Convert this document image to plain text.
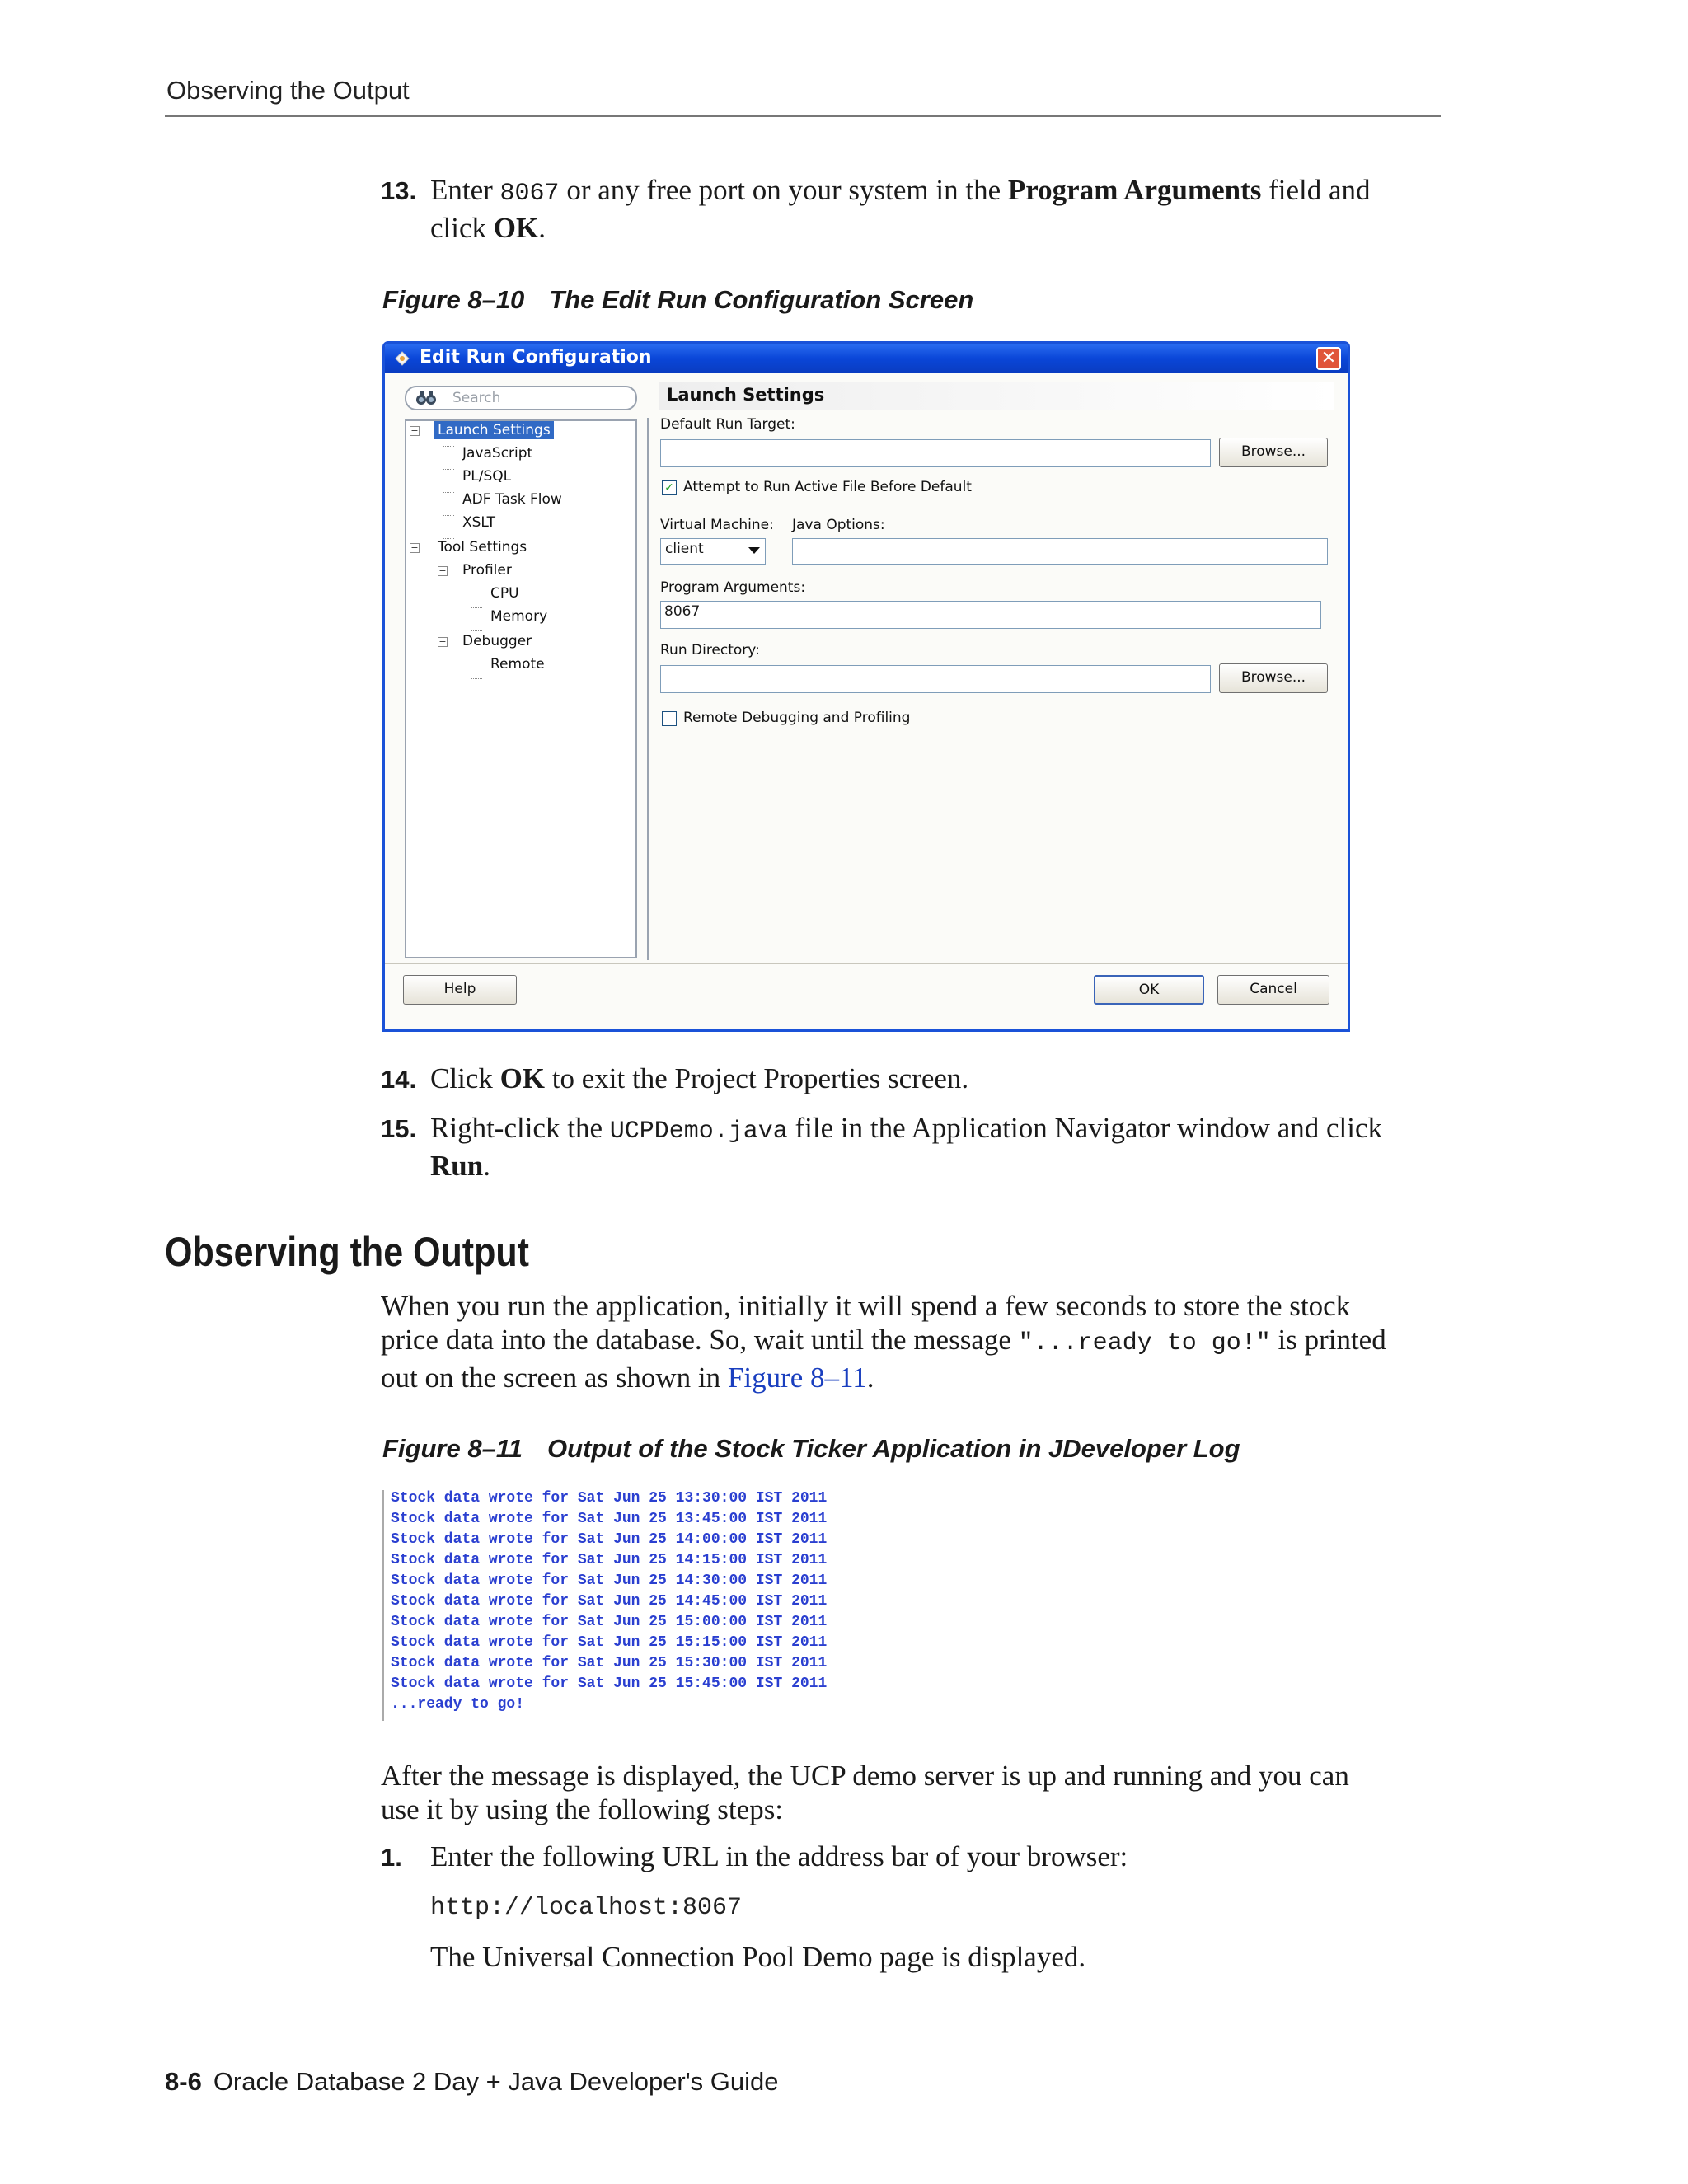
Observing the Output
13. Enter 8067 or any free port on your system in the Program Arguments field and
click OK.
Figure 8–10 The Edit Run Configuration Screen
Edit Run Configuration	✕
Search
− Launch Settings
JavaScript
PL/SQL
ADF Task Flow
XSLT
− Tool Settings
− Profiler
CPU
Memory
− Debugger
Remote
Launch Settings
Default Run Target:
Browse...
✓ Attempt to Run Active File Before Default
Virtual Machine: Java Options:
client
Program Arguments:
8067
Run Directory:
Browse...
Remote Debugging and Profiling
Help	OK	Cancel
14. Click OK to exit the Project Properties screen.
15. Right-click the UCPDemo.java file in the Application Navigator window and click
Run.
Observing the Output
When you run the application, initially it will spend a few seconds to store the stock
price data into the database. So, wait until the message "...ready to go!" is printed
out on the screen as shown in Figure 8–11.
Figure 8–11 Output of the Stock Ticker Application in JDeveloper Log
Stock data wrote for Sat Jun 25 13:30:00 IST 2011
Stock data wrote for Sat Jun 25 13:45:00 IST 2011
Stock data wrote for Sat Jun 25 14:00:00 IST 2011
Stock data wrote for Sat Jun 25 14:15:00 IST 2011
Stock data wrote for Sat Jun 25 14:30:00 IST 2011
Stock data wrote for Sat Jun 25 14:45:00 IST 2011
Stock data wrote for Sat Jun 25 15:00:00 IST 2011
Stock data wrote for Sat Jun 25 15:15:00 IST 2011
Stock data wrote for Sat Jun 25 15:30:00 IST 2011
Stock data wrote for Sat Jun 25 15:45:00 IST 2011
...ready to go!
After the message is displayed, the UCP demo server is up and running and you can
use it by using the following steps:
1. Enter the following URL in the address bar of your browser:
http://localhost:8067
The Universal Connection Pool Demo page is displayed.
8-6 Oracle Database 2 Day + Java Developer's Guide
